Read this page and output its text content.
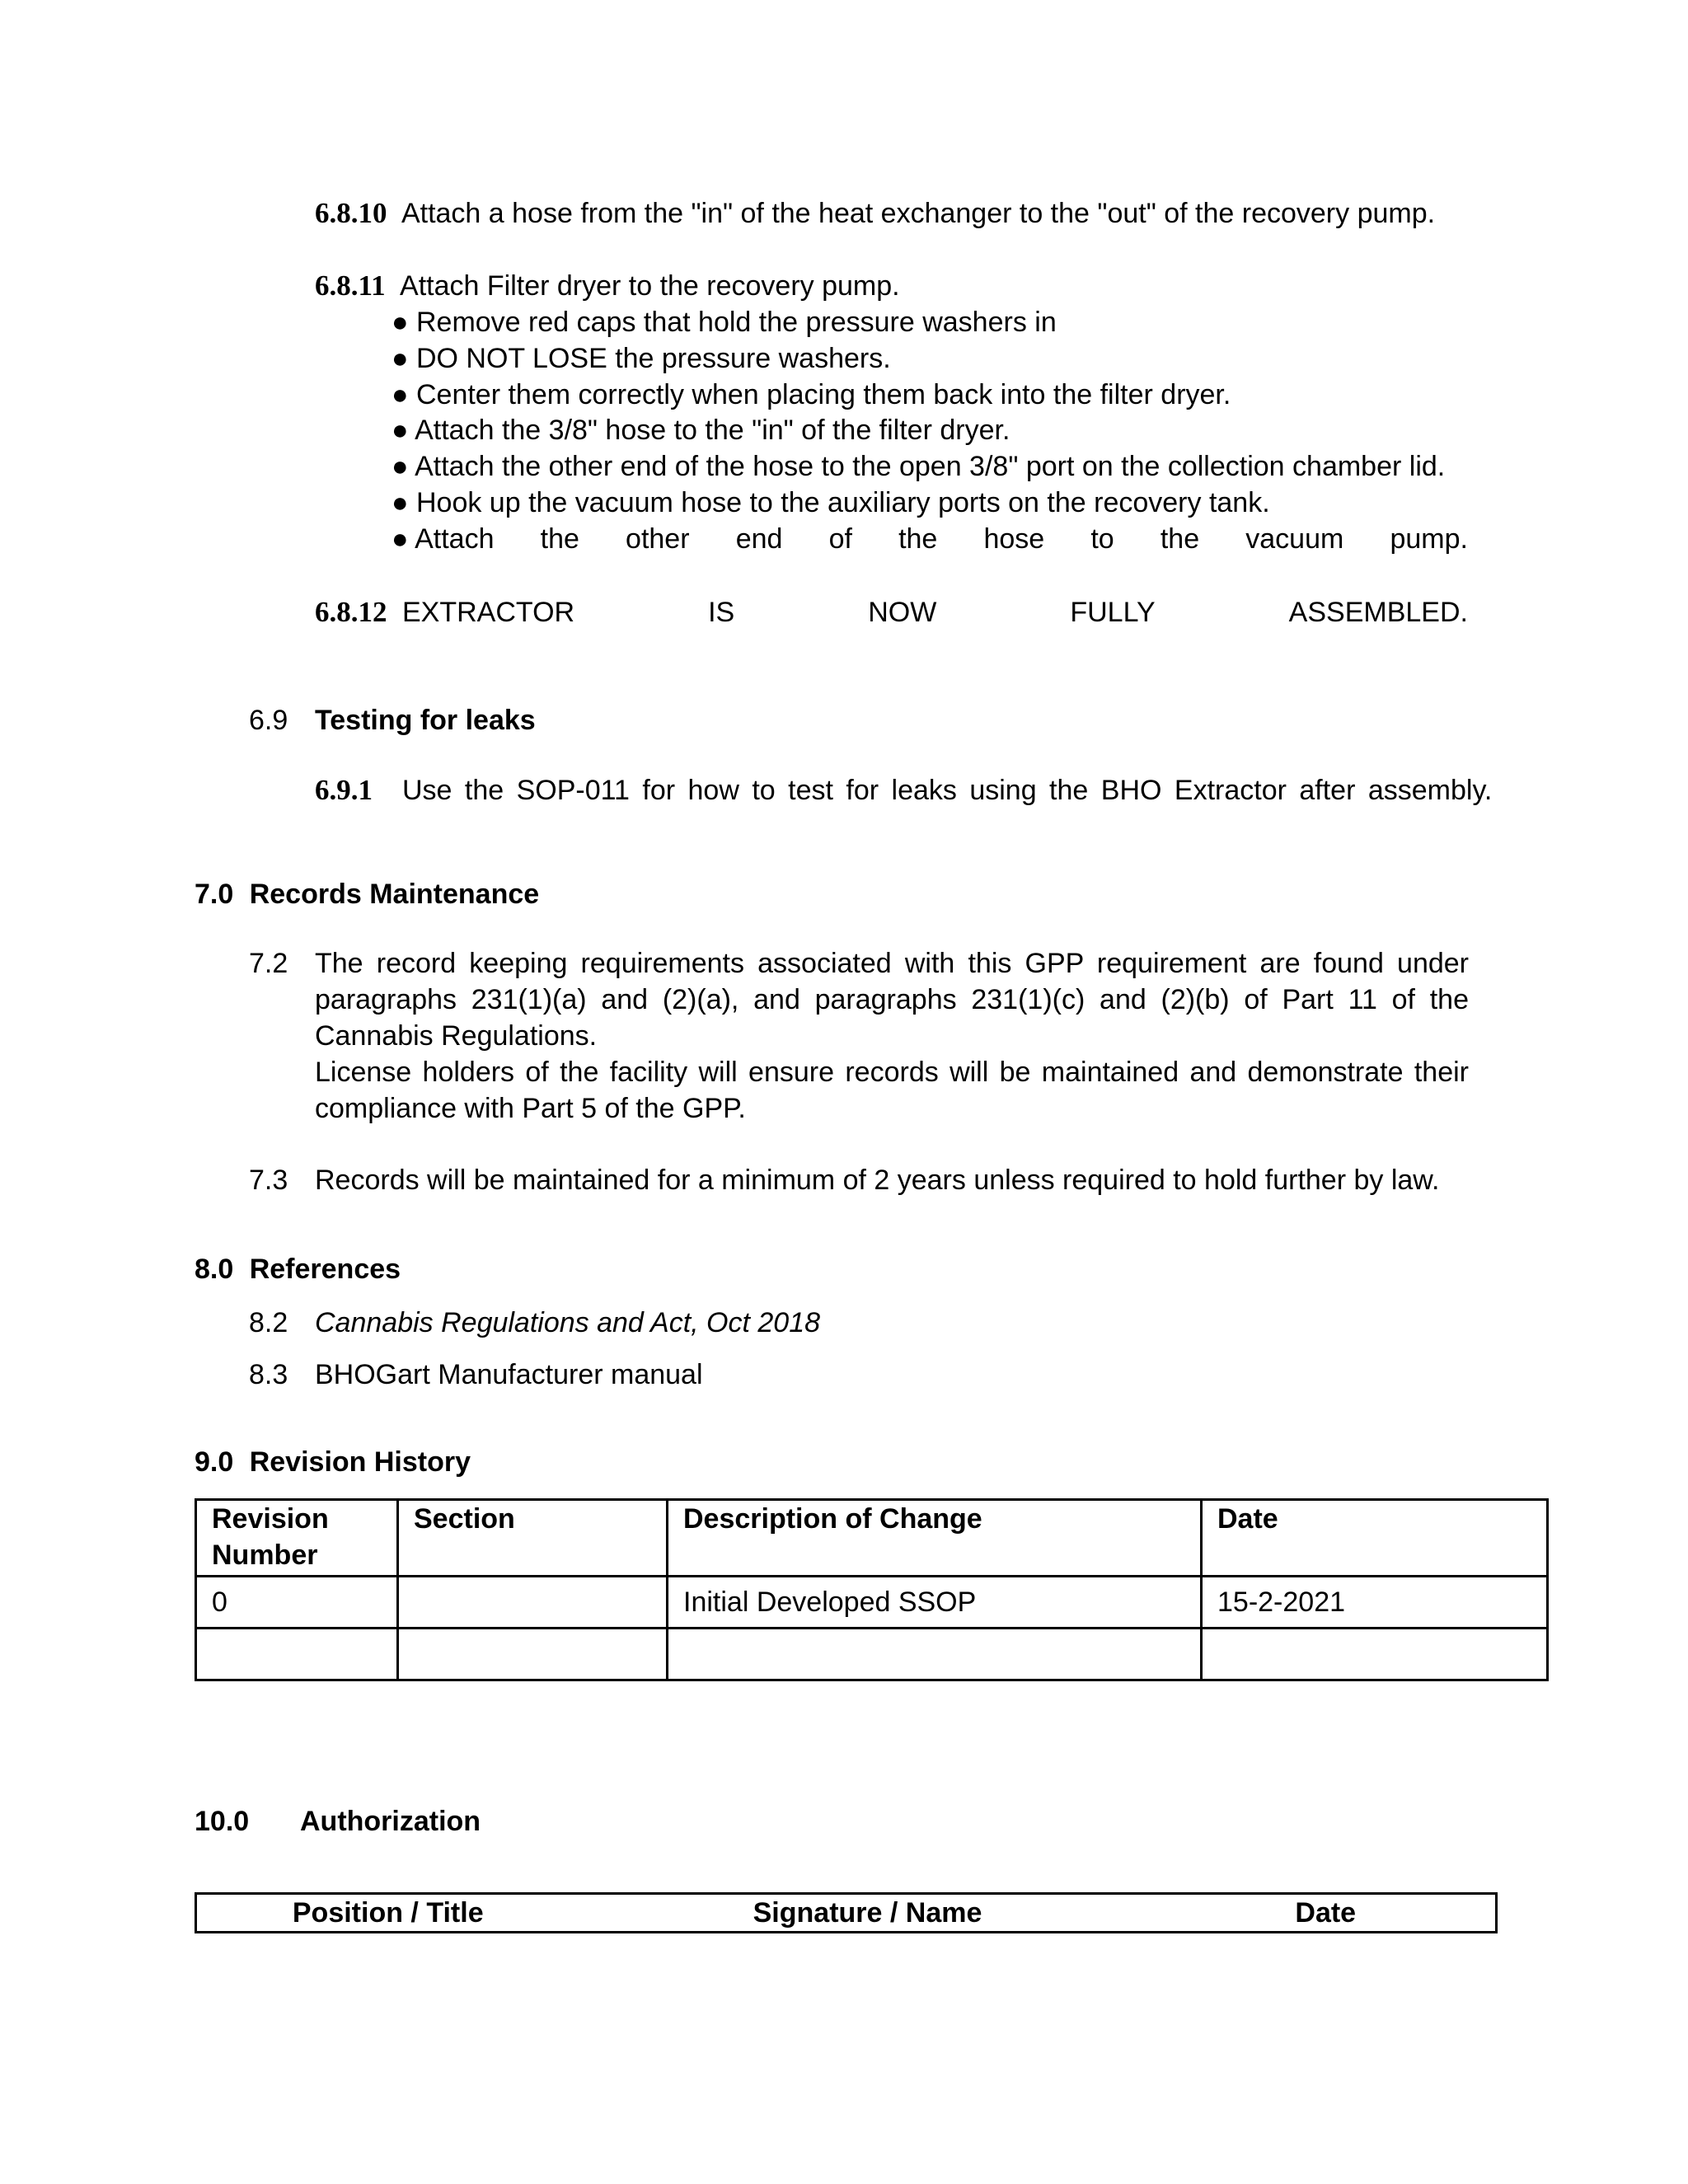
6.8.10 Attach a hose from the "in" of the heat exchanger to the "out" of the recovery pump.
6.8.11 Attach Filter dryer to the recovery pump.
● Remove red caps that hold the pressure washers in
● DO NOT LOSE the pressure washers.
● Center them correctly when placing them back into the filter dryer.
● Attach the 3/8" hose to the "in" of the filter dryer.
● Attach the other end of the hose to the open 3/8" port on the collection chamber lid.
● Hook up the vacuum hose to the auxiliary ports on the recovery tank.
● Attach the other end of the hose to the vacuum pump.
6.8.12 EXTRACTOR	IS	NOW	FULLY	ASSEMBLED.
6.9 Testing for leaks
6.9.1 Use the SOP-011 for how to test for leaks using the BHO Extractor after assembly.
7.0 Records Maintenance
7.2 The record keeping requirements associated with this GPP requirement are found under paragraphs 231(1)(a) and (2)(a), and paragraphs 231(1)(c) and (2)(b) of Part 11 of the Cannabis Regulations.
License holders of the facility will ensure records will be maintained and demonstrate their compliance with Part 5 of the GPP.
7.3 Records will be maintained for a minimum of 2 years unless required to hold further by law.
8.0 References
8.2 Cannabis Regulations and Act, Oct 2018
8.3 BHOGart Manufacturer manual
9.0 Revision History
Revision Number	Section	Description of Change	Date
0		Initial Developed SSOP	15-2-2021

10.0 Authorization
Position / Title	Signature / Name	Date
